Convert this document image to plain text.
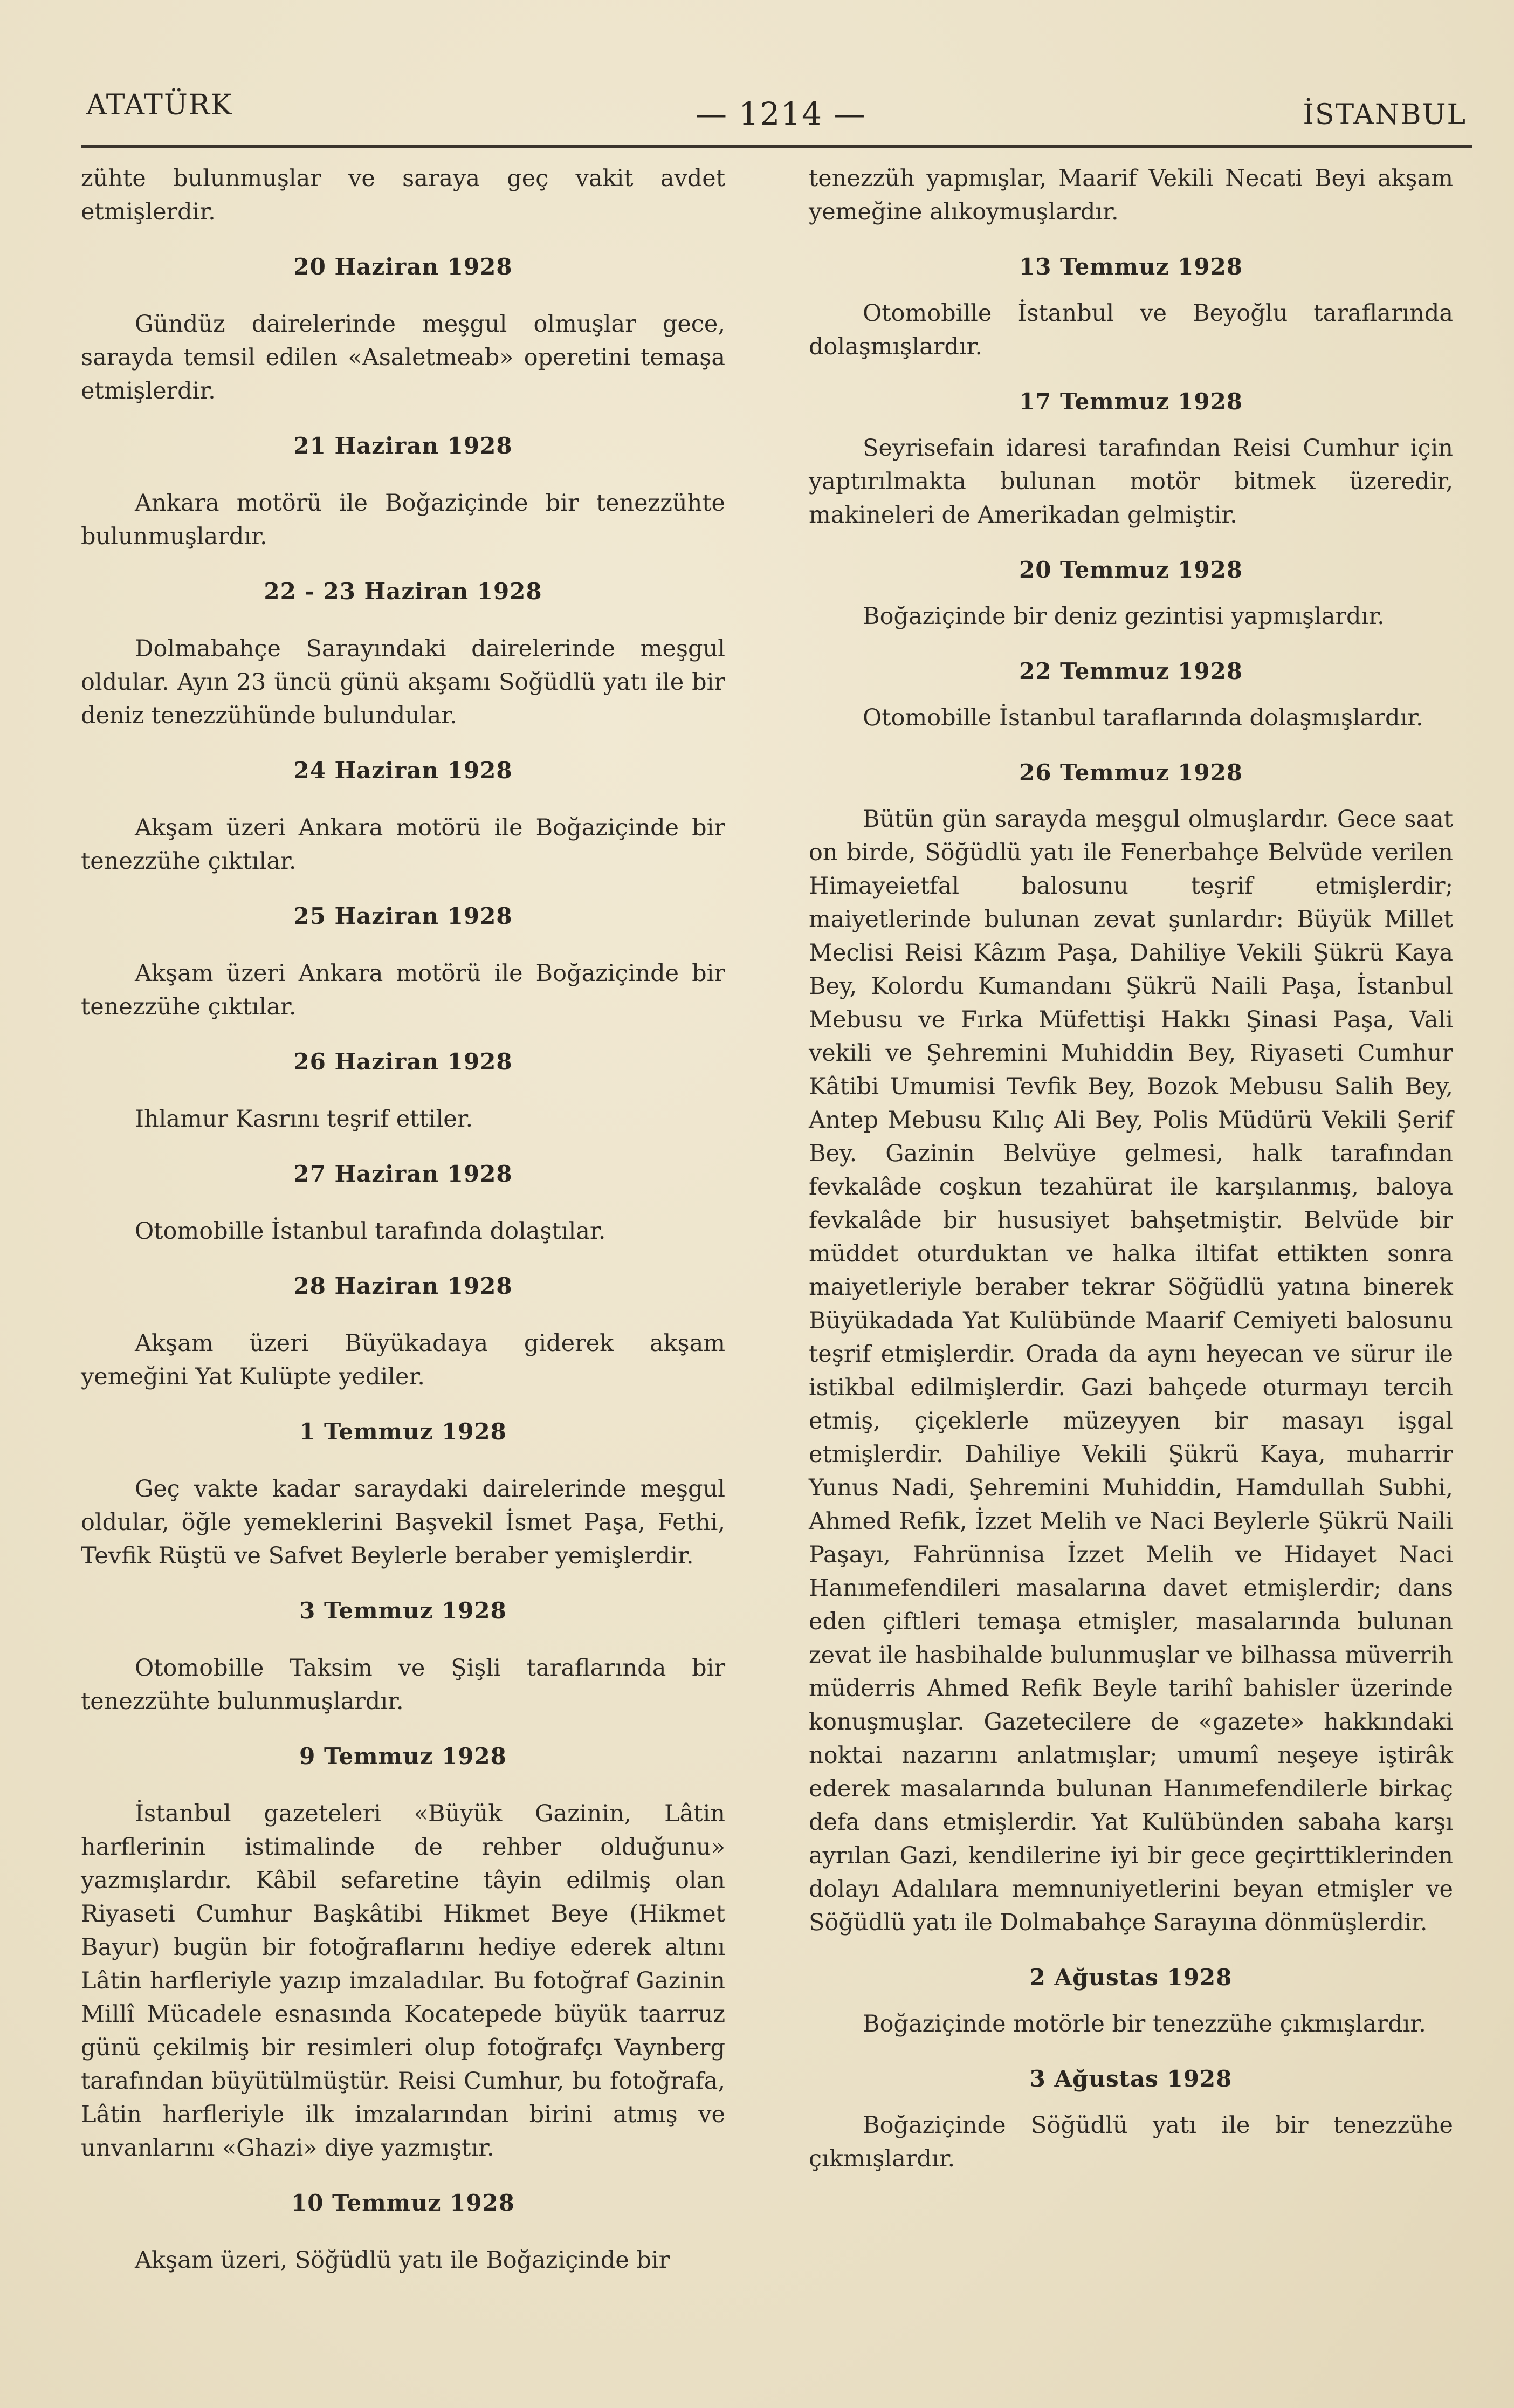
ATATÜRK	— 1214 —	İSTANBUL
zühte bulunmuşlar ve saraya geç vakit avdet etmişlerdir.
20 Haziran 1928
Gündüz dairelerinde meşgul olmuşlar gece, sarayda temsil edilen «Asaletmeab» operetini temaşa etmişlerdir.
21 Haziran 1928
Ankara motörü ile Boğaziçinde bir tenezzühte bulunmuşlardır.
22 - 23 Haziran 1928
Dolmabahçe Sarayındaki dairelerinde meşgul oldular. Ayın 23 üncü günü akşamı Soğüdlü yatı ile bir deniz tenezzühünde bulundular.
24 Haziran 1928
Akşam üzeri Ankara motörü ile Boğaziçinde bir tenezzühe çıktılar.
25 Haziran 1928
Akşam üzeri Ankara motörü ile Boğaziçinde bir tenezzühe çıktılar.
26 Haziran 1928
Ihlamur Kasrını teşrif ettiler.
27 Haziran 1928
Otomobille İstanbul tarafında dolaştılar.
28 Haziran 1928
Akşam üzeri Büyükadaya giderek akşam yemeğini Yat Kulüpte yediler.
1 Temmuz 1928
Geç vakte kadar saraydaki dairelerinde meşgul oldular, öğle yemeklerini Başvekil İsmet Paşa, Fethi, Tevfik Rüştü ve Safvet Beylerle beraber yemişlerdir.
3 Temmuz 1928
Otomobille Taksim ve Şişli taraflarında bir tenezzühte bulunmuşlardır.
9 Temmuz 1928
İstanbul gazeteleri «Büyük Gazinin, Lâtin harflerinin istimalinde de rehber olduğunu» yazmışlardır. Kâbil sefaretine tâyin edilmiş olan Riyaseti Cumhur Başkâtibi Hikmet Beye (Hikmet Bayur) bugün bir fotoğraflarını hediye ederek altını Lâtin harfleriyle yazıp imzaladılar. Bu fotoğraf Gazinin Millî Mücadele esnasında Kocatepede büyük taarruz günü çekilmiş bir resimleri olup fotoğrafçı Vaynberg tarafından büyütülmüştür. Reisi Cumhur, bu fotoğrafa, Lâtin harfleriyle ilk imzalarından birini atmış ve unvanlarını «Ghazi» diye yazmıştır.
10 Temmuz 1928
Akşam üzeri, Söğüdlü yatı ile Boğaziçinde bir
tenezzüh yapmışlar, Maarif Vekili Necati Beyi akşam yemeğine alıkoymuşlardır.
13 Temmuz 1928
Otomobille İstanbul ve Beyoğlu taraflarında dolaşmışlardır.
17 Temmuz 1928
Seyrisefain idaresi tarafından Reisi Cumhur için yaptırılmakta bulunan motör bitmek üzeredir, makineleri de Amerikadan gelmiştir.
20 Temmuz 1928
Boğaziçinde bir deniz gezintisi yapmışlardır.
22 Temmuz 1928
Otomobille İstanbul taraflarında dolaşmışlardır.
26 Temmuz 1928
Bütün gün sarayda meşgul olmuşlardır. Gece saat on birde, Söğüdlü yatı ile Fenerbahçe Belvüde verilen Himayeietfal balosunu teşrif etmişlerdir; maiyetlerinde bulunan zevat şunlardır: Büyük Millet Meclisi Reisi Kâzım Paşa, Dahiliye Vekili Şükrü Kaya Bey, Kolordu Kumandanı Şükrü Naili Paşa, İstanbul Mebusu ve Fırka Müfettişi Hakkı Şinasi Paşa, Vali vekili ve Şehremini Muhiddin Bey, Riyaseti Cumhur Kâtibi Umumisi Tevfik Bey, Bozok Mebusu Salih Bey, Antep Mebusu Kılıç Ali Bey, Polis Müdürü Vekili Şerif Bey. Gazinin Belvüye gelmesi, halk tarafından fevkalâde coşkun tezahürat ile karşılanmış, baloya fevkalâde bir hususiyet bahşetmiştir. Belvüde bir müddet oturduktan ve halka iltifat ettikten sonra maiyetleriyle beraber tekrar Söğüdlü yatına binerek Büyükadada Yat Kulübünde Maarif Cemiyeti balosunu teşrif etmişlerdir. Orada da aynı heyecan ve sürur ile istikbal edilmişlerdir. Gazi bahçede oturmayı tercih etmiş, çiçeklerle müzeyyen bir masayı işgal etmişlerdir. Dahiliye Vekili Şükrü Kaya, muharrir Yunus Nadi, Şehremini Muhiddin, Hamdullah Subhi, Ahmed Refik, İzzet Melih ve Naci Beylerle Şükrü Naili Paşayı, Fahrünnisa İzzet Melih ve Hidayet Naci Hanımefendileri masalarına davet etmişlerdir; dans eden çiftleri temaşa etmişler, masalarında bulunan zevat ile hasbihalde bulunmuşlar ve bilhassa müverrih müderris Ahmed Refik Beyle tarihî bahisler üzerinde konuşmuşlar. Gazetecilere de «gazete» hakkındaki noktai nazarını anlatmışlar; umumî neşeye iştirâk ederek masalarında bulunan Hanımefendilerle birkaç defa dans etmişlerdir. Yat Kulübünden sabaha karşı ayrılan Gazi, kendilerine iyi bir gece geçirttiklerinden dolayı Adalılara memnuniyetlerini beyan etmişler ve Söğüdlü yatı ile Dolmabahçe Sarayına dönmüşlerdir.
2 Ağustas 1928
Boğaziçinde motörle bir tenezzühe çıkmışlardır.
3 Ağustas 1928
Boğaziçinde Söğüdlü yatı ile bir tenezzühe çıkmışlardır.
